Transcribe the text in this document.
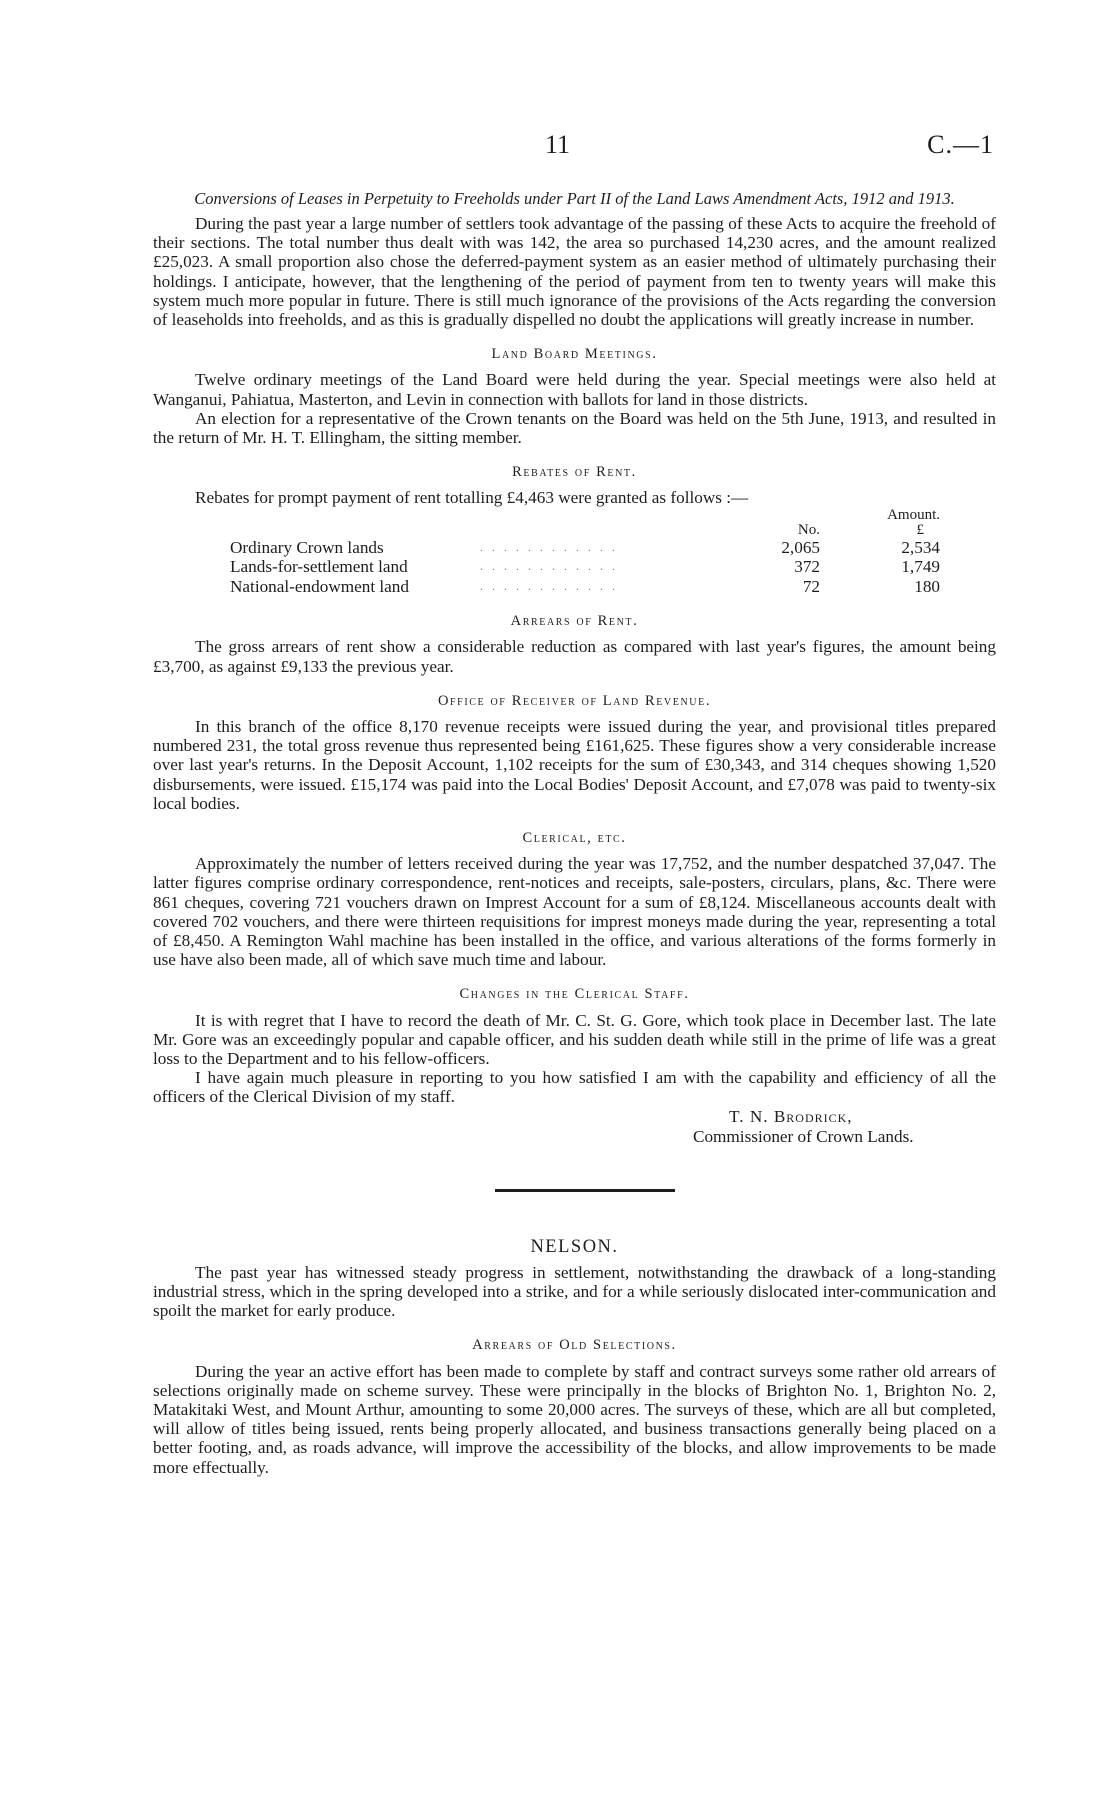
11	C.—1
Conversions of Leases in Perpetuity to Freeholds under Part II of the Land Laws Amendment Acts, 1912 and 1913.

During the past year a large number of settlers took advantage of the passing of these Acts to acquire the freehold of their sections. The total number thus dealt with was 142, the area so purchased 14,230 acres, and the amount realized £25,023. A small proportion also chose the deferred-payment system as an easier method of ultimately purchasing their holdings. I anticipate, however, that the lengthening of the period of payment from ten to twenty years will make this system much more popular in future. There is still much ignorance of the provisions of the Acts regarding the conversion of leaseholds into freeholds, and as this is gradually dispelled no doubt the applications will greatly increase in number.

Land Board Meetings.

Twelve ordinary meetings of the Land Board were held during the year. Special meetings were also held at Wanganui, Pahiatua, Masterton, and Levin in connection with ballots for land in those districts.

An election for a representative of the Crown tenants on the Board was held on the 5th June, 1913, and resulted in the return of Mr. H. T. Ellingham, the sitting member.

Rebates of Rent.

Rebates for prompt payment of rent totalling £4,463 were granted as follows :—

		No.	Amount.
£
Ordinary Crown lands	. . . . . . . . . . . .	2,065	2,534
Lands-for-settlement land	. . . . . . . . . . . .	372	1,749
National-endowment land	. . . . . . . . . . . .	72	180
Arrears of Rent.

The gross arrears of rent show a considerable reduction as compared with last year's figures, the amount being £3,700, as against £9,133 the previous year.

Office of Receiver of Land Revenue.

In this branch of the office 8,170 revenue receipts were issued during the year, and provisional titles prepared numbered 231, the total gross revenue thus represented being £161,625. These figures show a very considerable increase over last year's returns. In the Deposit Account, 1,102 receipts for the sum of £30,343, and 314 cheques showing 1,520 disbursements, were issued. £15,174 was paid into the Local Bodies' Deposit Account, and £7,078 was paid to twenty-six local bodies.

Clerical, etc.

Approximately the number of letters received during the year was 17,752, and the number despatched 37,047. The latter figures comprise ordinary correspondence, rent-notices and receipts, sale-posters, circulars, plans, &c. There were 861 cheques, covering 721 vouchers drawn on Imprest Account for a sum of £8,124. Miscellaneous accounts dealt with covered 702 vouchers, and there were thirteen requisitions for imprest moneys made during the year, representing a total of £8,450. A Remington Wahl machine has been installed in the office, and various alterations of the forms formerly in use have also been made, all of which save much time and labour.

Changes in the Clerical Staff.

It is with regret that I have to record the death of Mr. C. St. G. Gore, which took place in December last. The late Mr. Gore was an exceedingly popular and capable officer, and his sudden death while still in the prime of life was a great loss to the Department and to his fellow-officers.

I have again much pleasure in reporting to you how satisfied I am with the capability and efficiency of all the officers of the Clerical Division of my staff.

T. N. Brodrick,
Commissioner of Crown Lands.
NELSON.

The past year has witnessed steady progress in settlement, notwithstanding the drawback of a long-standing industrial stress, which in the spring developed into a strike, and for a while seriously dislocated inter-communication and spoilt the market for early produce.

Arrears of Old Selections.

During the year an active effort has been made to complete by staff and contract surveys some rather old arrears of selections originally made on scheme survey. These were principally in the blocks of Brighton No. 1, Brighton No. 2, Matakitaki West, and Mount Arthur, amounting to some 20,000 acres. The surveys of these, which are all but completed, will allow of titles being issued, rents being properly allocated, and business transactions generally being placed on a better footing, and, as roads advance, will improve the accessibility of the blocks, and allow improvements to be made more effectually.
